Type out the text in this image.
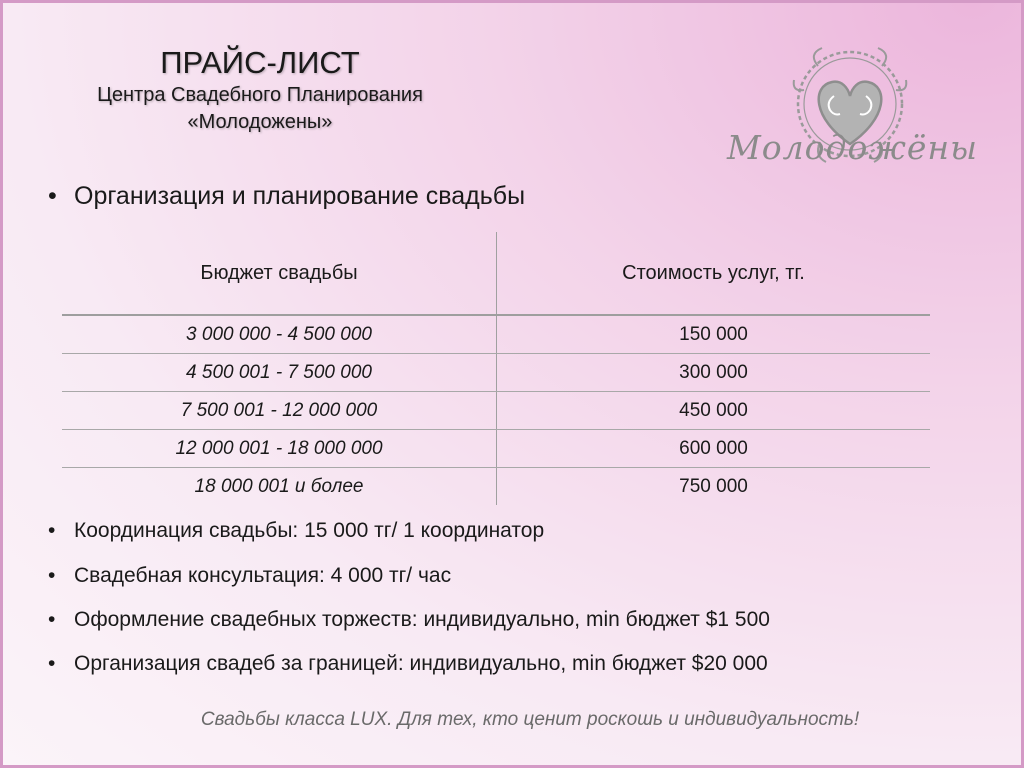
ПРАЙС-ЛИСТ
Центра Свадебного Планирования
«Молодожены»
Молодожёны
• Организация и планирование свадьбы
Бюджет свадьбы	Стоимость услуг, тг.
3 000 000 - 4 500 000	150 000
4 500 001 - 7 500 000	300 000
7 500 001 - 12 000 000	450 000
12 000 001 - 18 000 000	600 000
18 000 001 и более	750 000
• Координация свадьбы: 15 000 тг/ 1 координатор
• Свадебная консультация: 4 000 тг/ час
• Оформление свадебных торжеств: индивидуально, min бюджет $1 500
• Организация свадеб за границей: индивидуально, min бюджет $20 000
Свадьбы класса LUX. Для тех, кто ценит роскошь и индивидуальность!
